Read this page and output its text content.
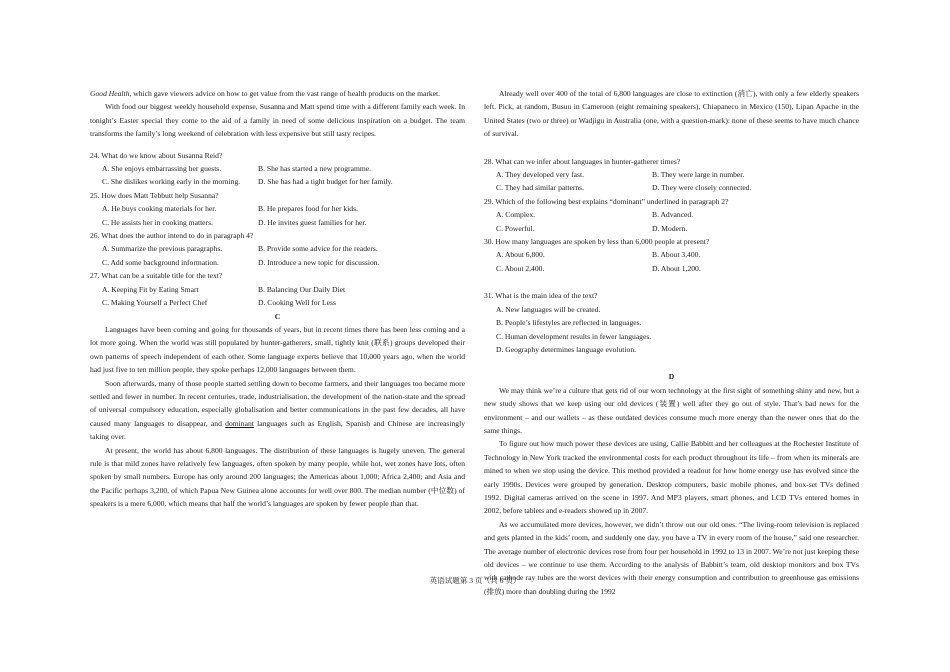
Good Health, which gave viewers advice on how to get value from the vast range of health products on the market.

With food our biggest weekly household expense, Susanna and Matt spend time with a different family each week. In tonight’s Easter special they come to the aid of a family in need of some delicious inspiration on a budget. The team transforms the family’s long weekend of celebration with less expensive but still tasty recipes.

24. What do we know about Susanna Reid?

A. She enjoys embarrassing her guests.	B. She has started a new programme.
C. She dislikes working early in the morning.	D. She has had a tight budget for her family.

25. How does Matt Tebbutt help Susanna?

A. He buys cooking materials for her.	B. He prepares food for her kids.
C. He assists her in cooking matters.	D. He invites guest families for her.

26. What does the author intend to do in paragraph 4?

A. Summarize the previous paragraphs.	B. Provide some advice for the readers.
C. Add some background information.	D. Introduce a new topic for discussion.

27. What can be a suitable title for the text?

A. Keeping Fit by Eating Smart	B. Balancing Our Daily Diet
C. Making Yourself a Perfect Chef	D. Cooking Well for Less

C

Languages have been coming and going for thousands of years, but in recent times there has been less coming and a lot more going. When the world was still populated by hunter-gatherers, small, tightly knit (联系) groups developed their own patterns of speech independent of each other. Some language experts believe that 10,000 years ago, when the world had just five to ten million people, they spoke perhaps 12,000 languages between them.

Soon afterwards, many of those people started settling down to become farmers, and their languages too became more settled and fewer in number. In recent centuries, trade, industrialisation, the development of the nation-state and the spread of universal compulsory education, especially globalisation and better communications in the past few decades, all have caused many languages to disappear, and dominant languages such as English, Spanish and Chinese are increasingly taking over.

At present, the world has about 6,800 languages. The distribution of these languages is hugely uneven. The general rule is that mild zones have relatively few languages, often spoken by many people, while hot, wet zones have lots, often spoken by small numbers. Europe has only around 200 languages; the Americas about 1,000; Africa 2,400; and Asia and the Pacific perhaps 3,200, of which Papua New Guinea alone accounts for well over 800. The median number (中位数) of speakers is a mere 6,000, which means that half the world’s languages are spoken by fewer people than that.

Already well over 400 of the total of 6,800 languages are close to extinction (消亡), with only a few elderly speakers left. Pick, at random, Busuu in Cameroon (eight remaining speakers), Chiapaneco in Mexico (150), Lipan Apache in the United States (two or three) or Wadjigu in Australia (one, with a question-mark): none of these seems to have much chance of survival.

28. What can we infer about languages in hunter-gatherer times?

A. They developed very fast.	B. They were large in number.
C. They had similar patterns.	D. They were closely connected.

29. Which of the following best explains “dominant” underlined in paragraph 2?

A. Complex.	B. Advanced.
C. Powerful.	D. Modern.

30. How many languages are spoken by less than 6,000 people at present?

A. About 6,800.	B. About 3,400.
C. About 2,400.	D. About 1,200.

31. What is the main idea of the text?

A. New languages will be created.
B. People’s lifestyles are reflected in languages.
C. Human development results in fewer languages.
D. Geography determines language evolution.

D

We may think we’re a culture that gets rid of our worn technology at the first sight of something shiny and new, but a new study shows that we keep using our old devices (装置) well after they go out of style. That’s bad news for the environment – and our wallets – as these outdated devices consume much more energy than the newer ones that do the same things.

To figure out how much power these devices are using, Callie Babbitt and her colleagues at the Rochester Institute of Technology in New York tracked the environmental costs for each product throughout its life – from when its minerals are mined to when we stop using the device. This method provided a readout for how home energy use has evolved since the early 1990s. Devices were grouped by generation. Desktop computers, basic mobile phones, and box-set TVs defined 1992. Digital cameras arrived on the scene in 1997. And MP3 players, smart phones, and LCD TVs entered homes in 2002, before tablets and e-readers showed up in 2007.

As we accumulated more devices, however, we didn’t throw out our old ones. “The living-room television is replaced and gets planted in the kids’ room, and suddenly one day, you have a TV in every room of the house,” said one researcher. The average number of electronic devices rose from four per household in 1992 to 13 in 2007. We’re not just keeping these old devices – we continue to use them. According to the analysis of Babbitt’s team, old desktop monitors and box TVs with cathode ray tubes are the worst devices with their energy consumption and contribution to greenhouse gas emissions (排放) more than doubling during the 1992

英语试题第 3 页（共 6 页）
